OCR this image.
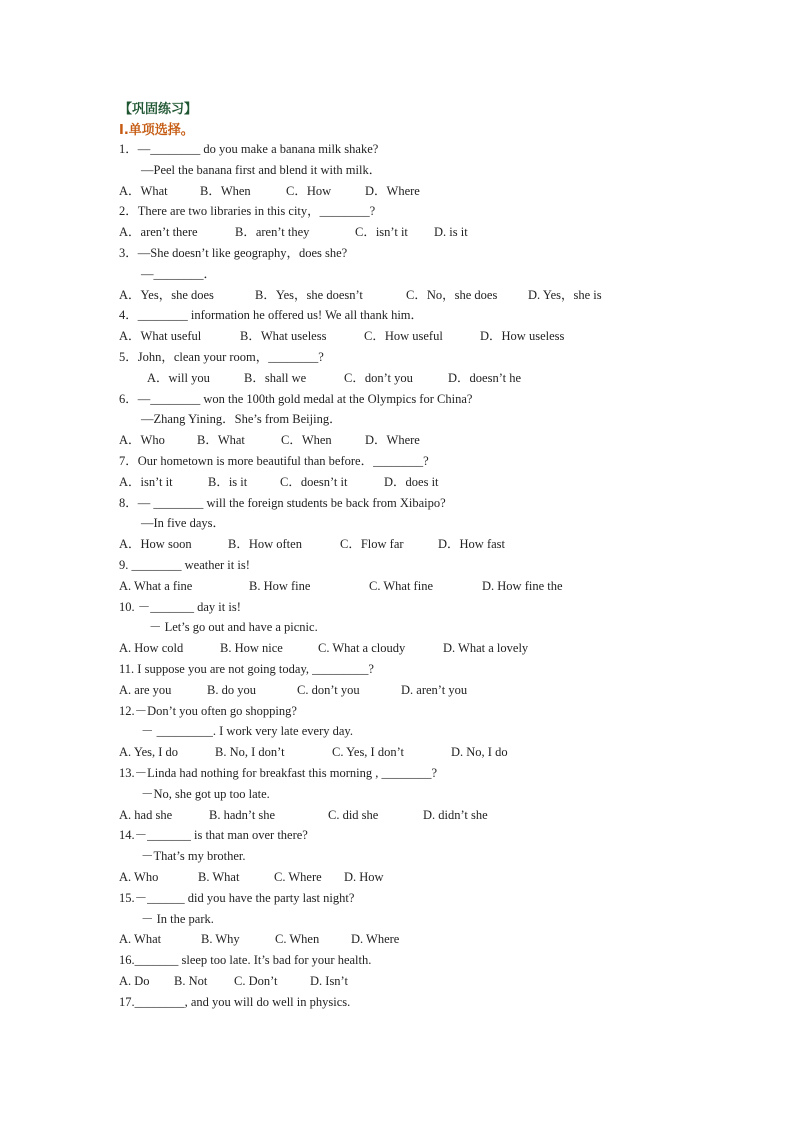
【巩固练习】
I.单项选择。
1．—________ do you make a banana milk shake?
—Peel the banana first and blend it with milk．
A．What	B．When	C．How	D．Where
2．There are two libraries in this city，________?
A．aren’t there	B．aren’t they	C．isn’t it D. is it
3．—She doesn’t like geography，does she?
—________．
A．Yes，she does	B．Yes，she doesn’t	C．No，she does D. Yes，she is
4．________ information he offered us! We all thank him．
A．What useful	B．What useless	C．How useful	D．How useless
5．John，clean your room，________?
A．will you	B．shall we	C．don’t you	D．doesn’t he
6．—________ won the 100th gold medal at the Olympics for China?
—Zhang Yining．She’s from Beijing．
A．Who	B．What	C．When	D．Where
7．Our hometown is more beautiful than before．________?
A．isn’t it	B．is it	C．doesn’t it	D．does it
8．— ________ will the foreign students be back from Xibaipo?
—In five days．
A．How soon	B．How often	C．Flow far	D．How fast
9. ________ weather it is!
A. What a fine	B. How fine	C. What fine	D. How fine the
10. －_______ day it is!
－ Let’s go out and have a picnic.
A. How cold	B. How nice	C. What a cloudy	D. What a lovely
11. I suppose you are not going today, _________?
A. are you	B. do you	C. don’t you	D. aren’t you
12.－Don’t you often go shopping?
－ _________. I work very late every day.
A. Yes, I do	B. No, I don’t	C. Yes, I don’t	D. No, I do
13.－Linda had nothing for breakfast this morning , ________?
－No, she got up too late.
A. had she	B. hadn’t she	C. did she	D. didn’t she
14.－_______ is that man over there?
－That’s my brother.
A. Who	B. What	C. Where D. How
15.－______ did you have the party last night?
－ In the park.
A. What	B. Why	C. When	D. Where
16._______ sleep too late. It’s bad for your health.
A. Do B. Not C. Don’t	D. Isn’t
17.________, and you will do well in physics.
